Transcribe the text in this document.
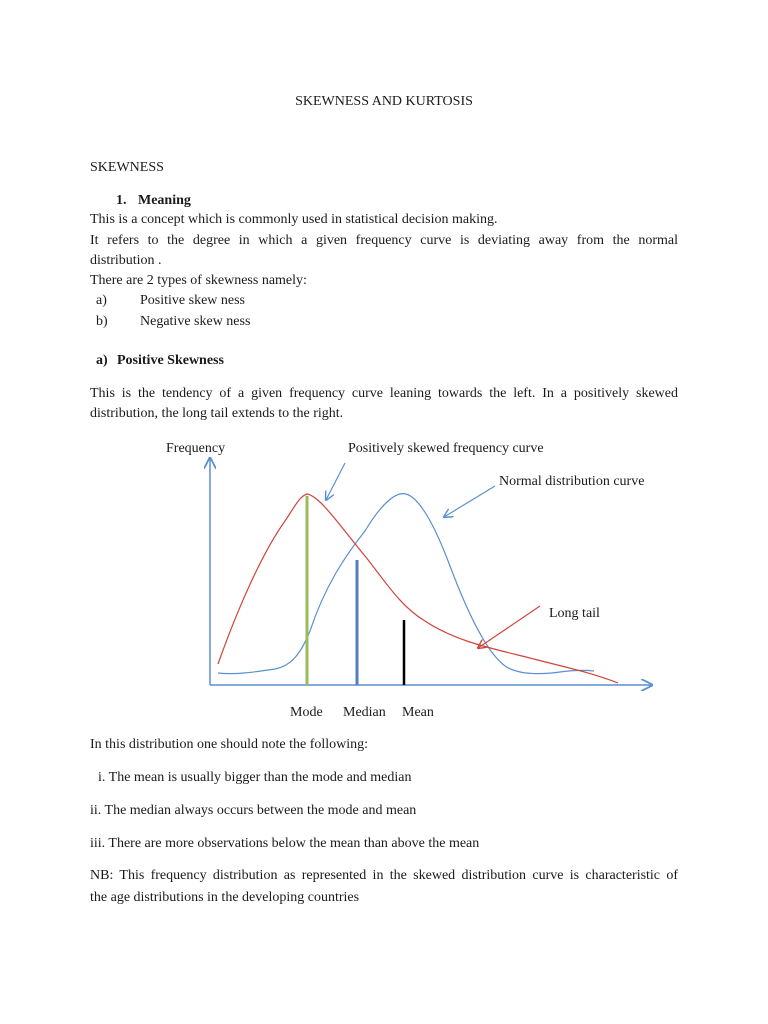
SKEWNESS AND KURTOSIS
SKEWNESS
1. Meaning
This is a concept which is commonly used in statistical decision making.
It refers to the degree in which a given frequency curve is deviating away from the normal
distribution .
There are 2 types of skewness namely:
a) Positive skew ness
b) Negative skew ness
a) Positive Skewness
This is the tendency of a given frequency curve leaning towards the left. In a positively skewed
distribution, the long tail extends to the right.
Frequency	Positively skewed frequency curve
Normal distribution curve
Long tail
Mode Median Mean
In this distribution one should note the following:
i. The mean is usually bigger than the mode and median
ii. The median always occurs between the mode and mean
iii. There are more observations below the mean than above the mean
NB: This frequency distribution as represented in the skewed distribution curve is characteristic of
the age distributions in the developing countries
